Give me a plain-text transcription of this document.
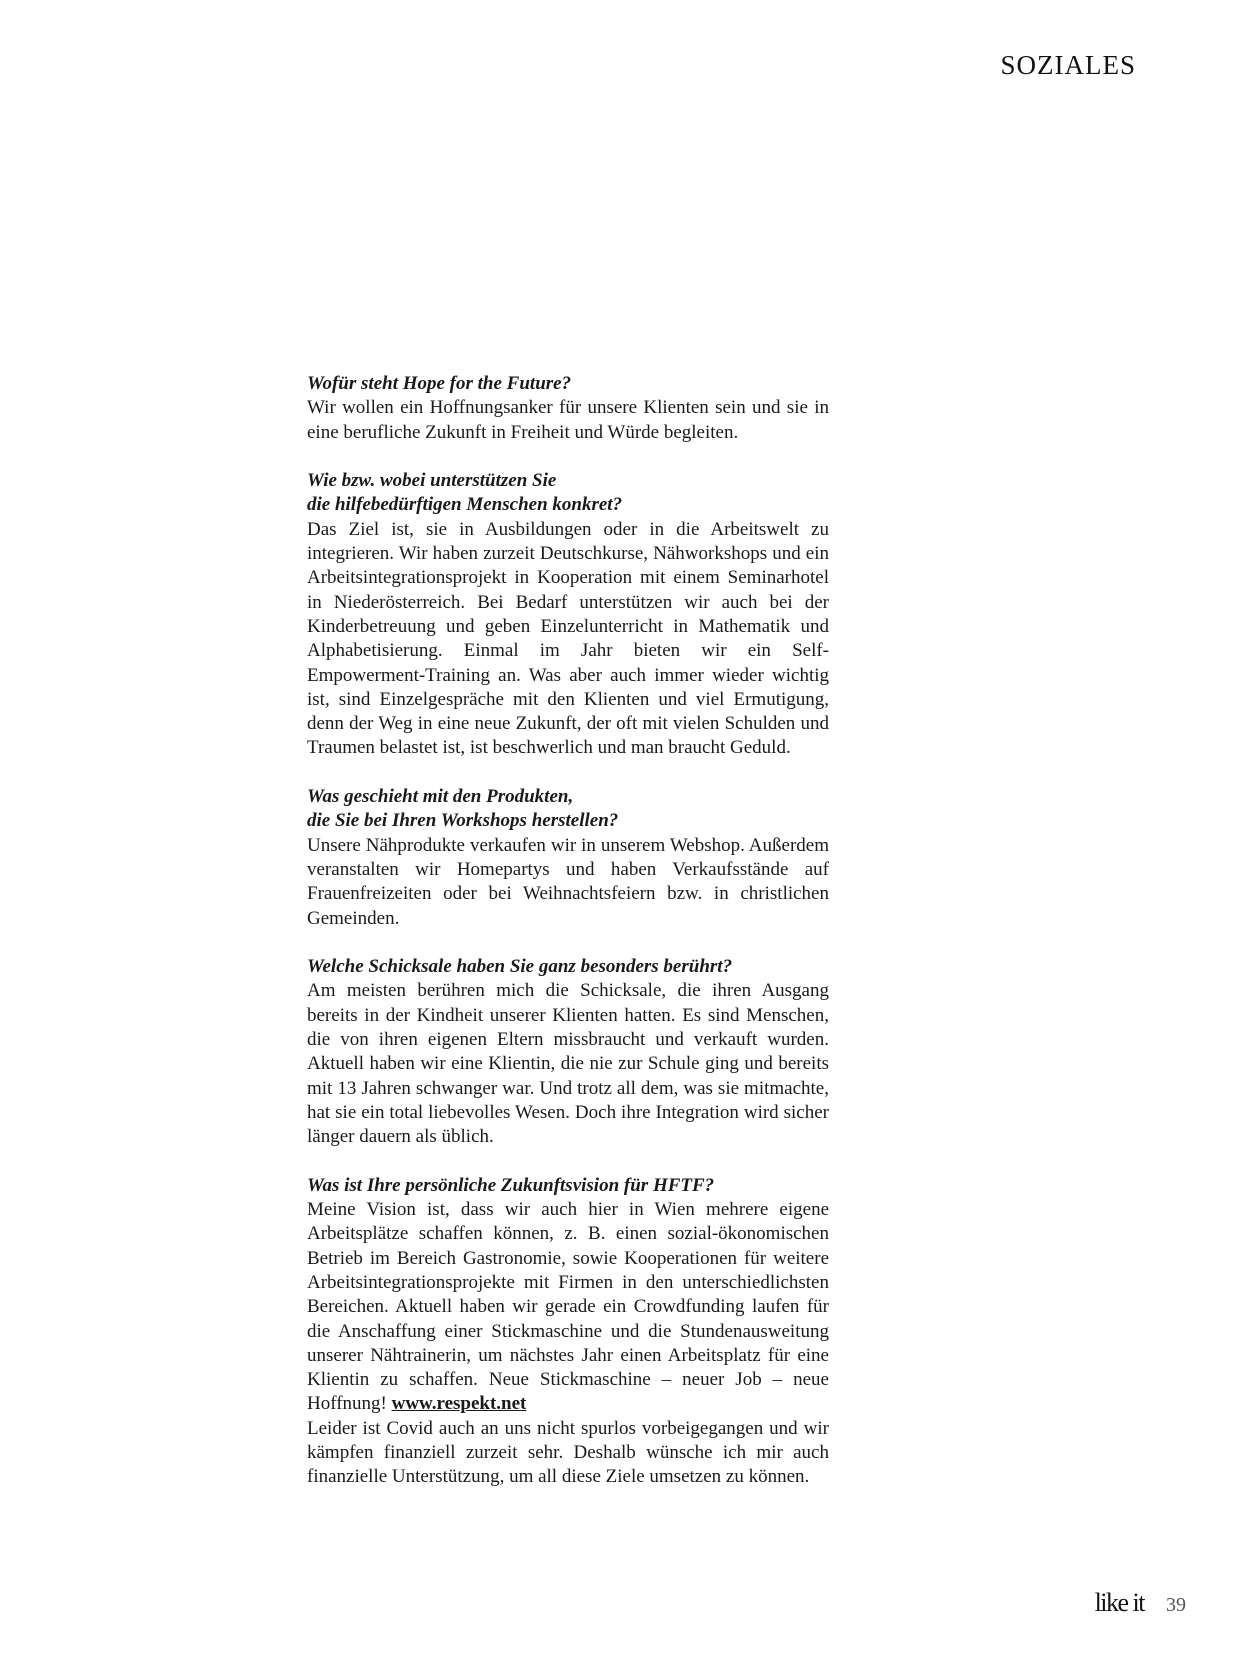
SOZIALES

Wofür steht Hope for the Future?

Wir wollen ein Hoffnungsanker für unsere Klienten sein und sie in eine berufliche Zukunft in Freiheit und Würde begleiten.

Wie bzw. wobei unterstützen Sie
die hilfebedürftigen Menschen konkret?

Das Ziel ist, sie in Ausbildungen oder in die Arbeitswelt zu integrieren. Wir haben zurzeit Deutschkurse, Nähworkshops und ein Arbeitsintegrationsprojekt in Kooperation mit einem Seminarhotel in Niederösterreich. Bei Bedarf unterstützen wir auch bei der Kinderbetreuung und geben Einzelunterricht in Mathematik und Alphabetisierung. Einmal im Jahr bieten wir ein Self-Empowerment-Training an. Was aber auch immer wieder wichtig ist, sind Einzelgespräche mit den Klienten und viel Ermutigung, denn der Weg in eine neue Zukunft, der oft mit vielen Schulden und Traumen belastet ist, ist beschwerlich und man braucht Geduld.

Was geschieht mit den Produkten,
die Sie bei Ihren Workshops herstellen?

Unsere Nähprodukte verkaufen wir in unserem Webshop. Außerdem veranstalten wir Homepartys und haben Verkaufsstände auf Frauenfreizeiten oder bei Weihnachtsfeiern bzw. in christlichen Gemeinden.

Welche Schicksale haben Sie ganz besonders berührt?

Am meisten berühren mich die Schicksale, die ihren Ausgang bereits in der Kindheit unserer Klienten hatten. Es sind Menschen, die von ihren eigenen Eltern missbraucht und verkauft wurden. Aktuell haben wir eine Klientin, die nie zur Schule ging und bereits mit 13 Jahren schwanger war. Und trotz all dem, was sie mitmachte, hat sie ein total liebevolles Wesen. Doch ihre Integration wird sicher länger dauern als üblich.

Was ist Ihre persönliche Zukunftsvision für HFTF?

Meine Vision ist, dass wir auch hier in Wien mehrere eigene Arbeitsplätze schaffen können, z. B. einen sozial-ökonomischen Betrieb im Bereich Gastronomie, sowie Kooperationen für weitere Arbeitsintegrationsprojekte mit Firmen in den unterschiedlichsten Bereichen. Aktuell haben wir gerade ein Crowdfunding laufen für die Anschaffung einer Stickmaschine und die Stundenausweitung unserer Nähtrainerin, um nächstes Jahr einen Arbeitsplatz für eine Klientin zu schaffen. Neue Stickmaschine – neuer Job – neue Hoffnung! www.respekt.net

Leider ist Covid auch an uns nicht spurlos vorbeigegangen und wir kämpfen finanziell zurzeit sehr. Deshalb wünsche ich mir auch finanzielle Unterstützung, um all diese Ziele umsetzen zu können.

like it 39
